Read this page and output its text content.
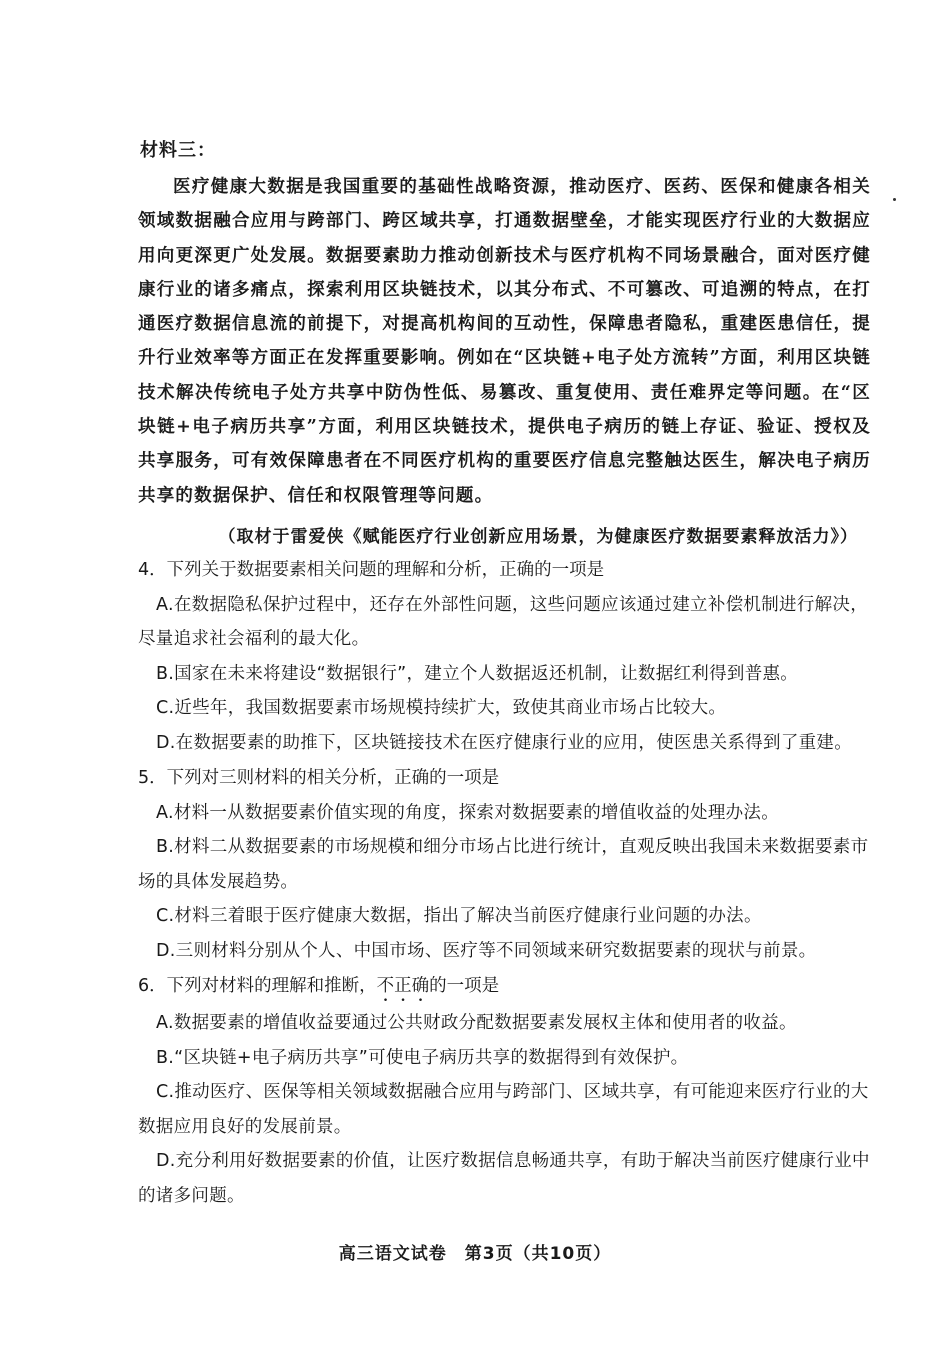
材料三：
医疗健康大数据是我国重要的基础性战略资源，推动医疗、医药、医保和健康各相关领域数据融合应用与跨部门、跨区域共享，打通数据壁垒，才能实现医疗行业的大数据应用向更深更广处发展。数据要素助力推动创新技术与医疗机构不同场景融合，面对医疗健康行业的诸多痛点，探索利用区块链技术，以其分布式、不可篡改、可追溯的特点，在打通医疗数据信息流的前提下，对提高机构间的互动性，保障患者隐私，重建医患信任，提升行业效率等方面正在发挥重要影响。例如在“区块链+电子处方流转”方面，利用区块链技术解决传统电子处方共享中防伪性低、易篡改、重复使用、责任难界定等问题。在“区块链+电子病历共享”方面，利用区块链技术，提供电子病历的链上存证、验证、授权及共享服务，可有效保障患者在不同医疗机构的重要医疗信息完整触达医生，解决电子病历共享的数据保护、信任和权限管理等问题。
（取材于雷爱侠《赋能医疗行业创新应用场景，为健康医疗数据要素释放活力》）

4．下列关于数据要素相关问题的理解和分析，正确的一项是

A.在数据隐私保护过程中，还存在外部性问题，这些问题应该通过建立补偿机制进行解决，尽量追求社会福利的最大化。

B.国家在未来将建设“数据银行”，建立个人数据返还机制，让数据红利得到普惠。

C.近些年，我国数据要素市场规模持续扩大，致使其商业市场占比较大。

D.在数据要素的助推下，区块链接技术在医疗健康行业的应用，使医患关系得到了重建。

5．下列对三则材料的相关分析，正确的一项是

A.材料一从数据要素价值实现的角度，探索对数据要素的增值收益的处理办法。

B.材料二从数据要素的市场规模和细分市场占比进行统计，直观反映出我国未来数据要素市场的具体发展趋势。

C.材料三着眼于医疗健康大数据，指出了解决当前医疗健康行业问题的办法。

D.三则材料分别从个人、中国市场、医疗等不同领域来研究数据要素的现状与前景。

6．下列对材料的理解和推断，不正确的一项是

A.数据要素的增值收益要通过公共财政分配数据要素发展权主体和使用者的收益。

B.“区块链+电子病历共享”可使电子病历共享的数据得到有效保护。

C.推动医疗、医保等相关领域数据融合应用与跨部门、区域共享，有可能迎来医疗行业的大数据应用良好的发展前景。

D.充分利用好数据要素的价值，让医疗数据信息畅通共享，有助于解决当前医疗健康行业中的诸多问题。

高三语文试卷　第3页（共10页）
